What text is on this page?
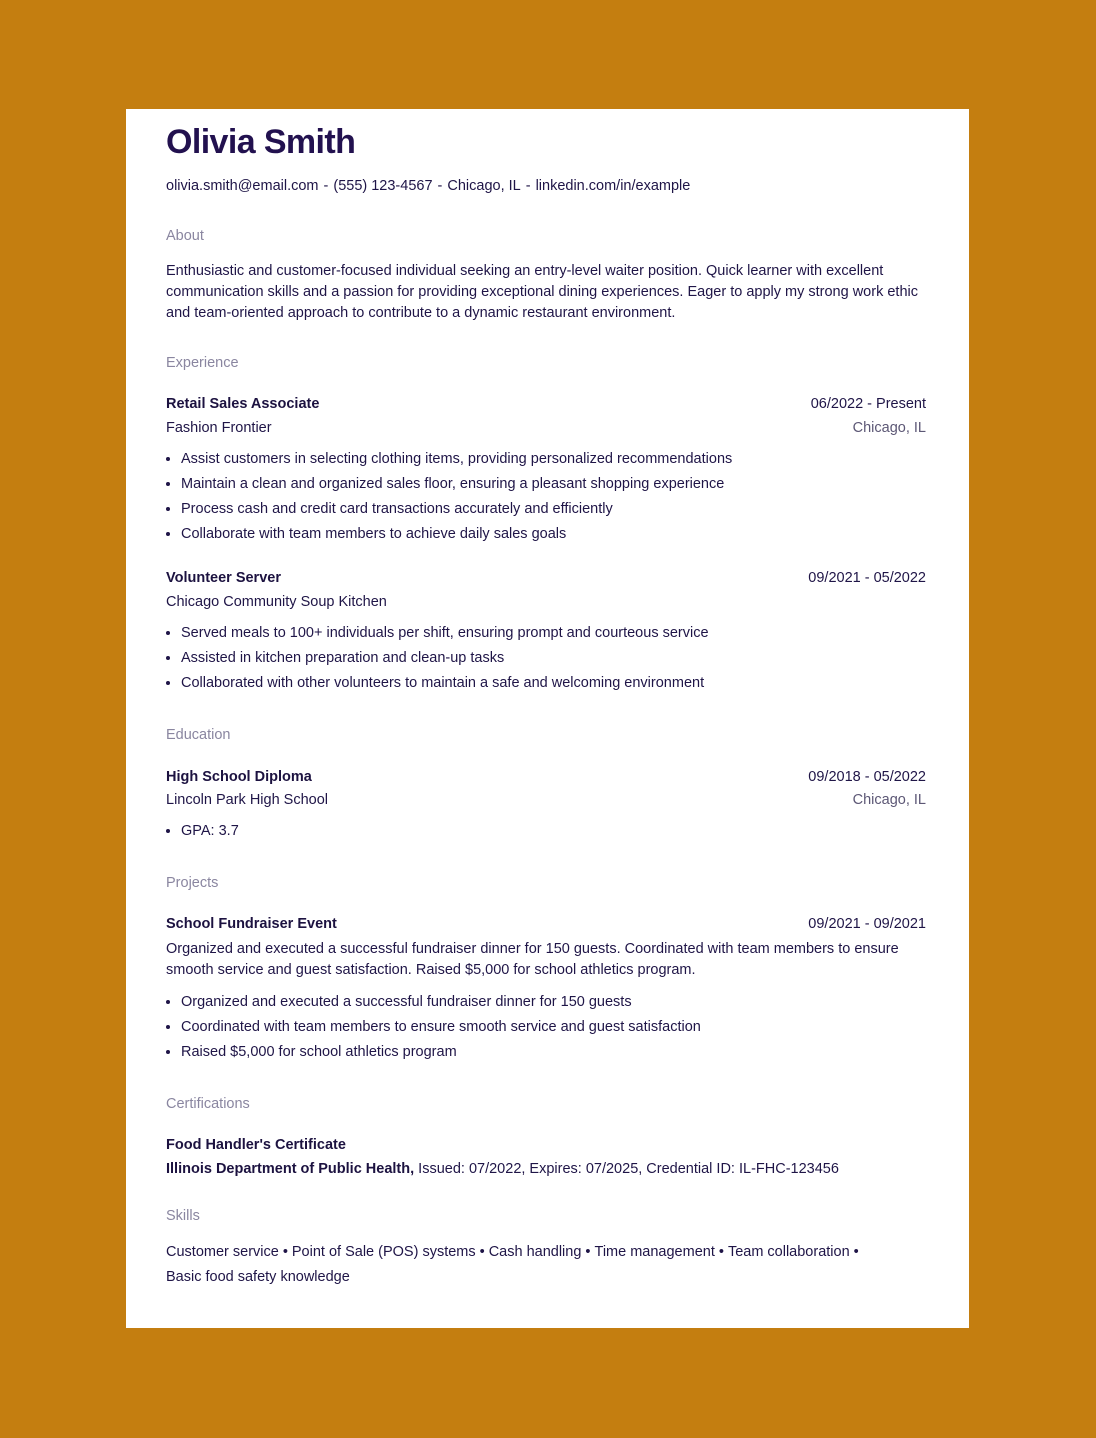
Olivia Smith
olivia.smith@email.com - (555) 123-4567 - Chicago, IL - linkedin.com/in/example
About
Enthusiastic and customer-focused individual seeking an entry-level waiter position. Quick learner with excellent communication skills and a passion for providing exceptional dining experiences. Eager to apply my strong work ethic and team-oriented approach to contribute to a dynamic restaurant environment.
Experience
Retail Sales Associate	06/2022 - Present
Fashion Frontier	Chicago, IL
• Assist customers in selecting clothing items, providing personalized recommendations
• Maintain a clean and organized sales floor, ensuring a pleasant shopping experience
• Process cash and credit card transactions accurately and efficiently
• Collaborate with team members to achieve daily sales goals
Volunteer Server	09/2021 - 05/2022
Chicago Community Soup Kitchen
• Served meals to 100+ individuals per shift, ensuring prompt and courteous service
• Assisted in kitchen preparation and clean-up tasks
• Collaborated with other volunteers to maintain a safe and welcoming environment
Education
High School Diploma	09/2018 - 05/2022
Lincoln Park High School	Chicago, IL
• GPA: 3.7
Projects
School Fundraiser Event	09/2021 - 09/2021
Organized and executed a successful fundraiser dinner for 150 guests. Coordinated with team members to ensure smooth service and guest satisfaction. Raised $5,000 for school athletics program.
• Organized and executed a successful fundraiser dinner for 150 guests
• Coordinated with team members to ensure smooth service and guest satisfaction
• Raised $5,000 for school athletics program
Certifications
Food Handler's Certificate
Illinois Department of Public Health, Issued: 07/2022, Expires: 07/2025, Credential ID: IL-FHC-123456
Skills
Customer service • Point of Sale (POS) systems • Cash handling • Time management • Team collaboration •
Basic food safety knowledge
